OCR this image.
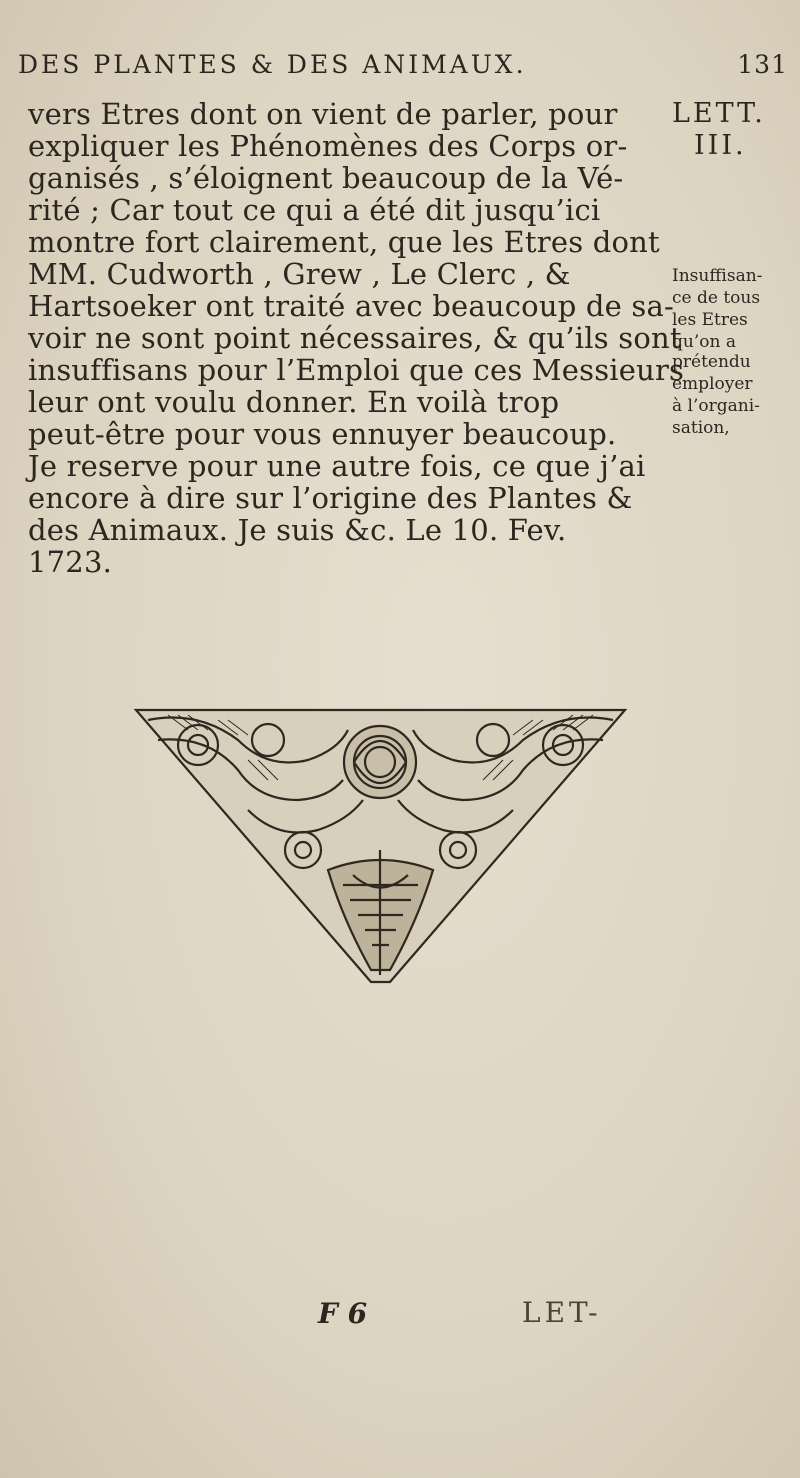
DES PLANTES & DES ANIMAUX.	131
vers Etres dont on vient de parler, pour
expliquer les Phénomènes des Corps or-
ganisés , s’éloignent beaucoup de la Vé-
rité ; Car tout ce qui a été dit jusqu’ici
montre fort clairement, que les Etres dont
MM. Cudworth , Grew , Le Clerc , &
Hartsoeker ont traité avec beaucoup de sa-
voir ne sont point nécessaires, & qu’ils sont
insuffisans pour l’Emploi que ces Messieurs
leur ont voulu donner. En voilà trop
peut-être pour vous ennuyer beaucoup.
Je reserve pour une autre fois, ce que j’ai
encore à dire sur l’origine des Plantes &
des Animaux. Je suis &c. Le 10. Fev.
1723.
LETT.
III.
Insuffisan-
ce de tous
les Etres
qu’on a
prétendu
employer
à l’organi-
sation,
F 6	LET-
